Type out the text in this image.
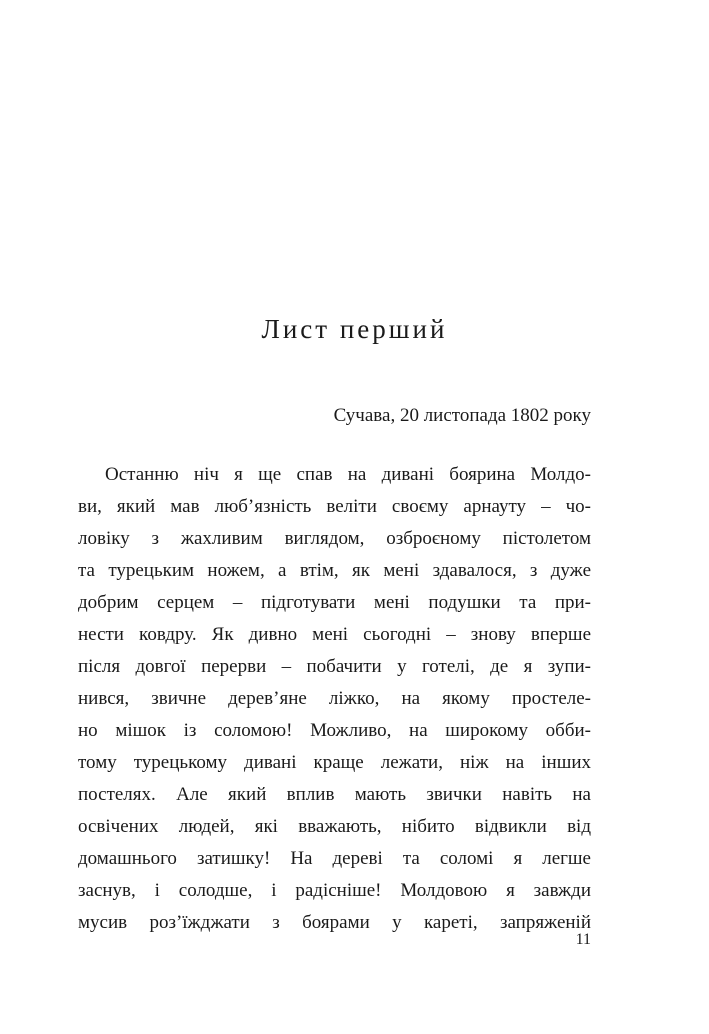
Лист перший

Сучава, 20 листопада 1802 року

Останню ніч я ще спав на дивані боярина Молдо-
ви, який мав люб’язність веліти своєму арнауту – чо-
ловіку з жахливим виглядом, озброєному пістолетом
та турецьким ножем, а втім, як мені здавалося, з дуже
добрим серцем – підготувати мені подушки та при-
нести ковдру. Як дивно мені сьогодні – знову вперше
після довгої перерви – побачити у готелі, де я зупи-
нився, звичне дерев’яне ліжко, на якому простеле-
но мішок із соломою! Можливо, на широкому обби-
тому турецькому дивані краще лежати, ніж на інших
постелях. Але який вплив мають звички навіть на
освічених людей, які вважають, нібито відвикли від
домашнього затишку! На дереві та соломі я легше
заснув, і солодше, і радісніше! Молдовою я завжди
мусив роз’їжджати з боярами у кареті, запряженій

11
